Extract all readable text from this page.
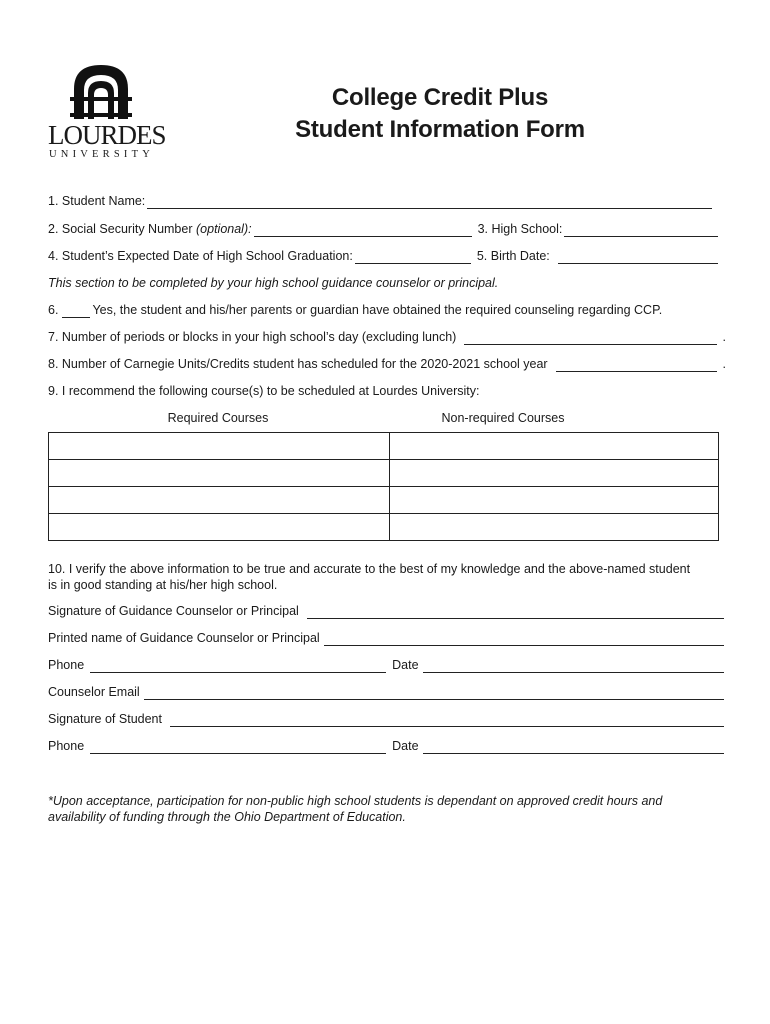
LOURDES
UNIVERSITY
College Credit Plus
Student Information Form
1. Student Name:
2. Social Security Number
(optional):	3. High School:
4. Student’s Expected Date of High School Graduation:	5. Birth Date:
This section to be completed by your high school guidance counselor or principal.
6.	Yes, the student and his/her parents or guardian have obtained the required counseling regarding CCP.
7. Number of periods or blocks in your high school’s day (excluding lunch)	.
8. Number of Carnegie Units/Credits student has scheduled for the 2020-2021 school year	.
9. I recommend the following course(s) to be scheduled at Lourdes University:
Required Courses	Non-required Courses

10. I verify the above information to be true and accurate to the best of my knowledge and the above-named student
is in good standing at his/her high school.
Signature of Guidance Counselor or Principal
Printed name of Guidance Counselor or Principal
Phone	Date
Counselor Email
Signature of Student
Phone	Date
*Upon acceptance, participation for non-public high school students is dependant on approved credit hours and
availability of funding through the Ohio Department of Education.
